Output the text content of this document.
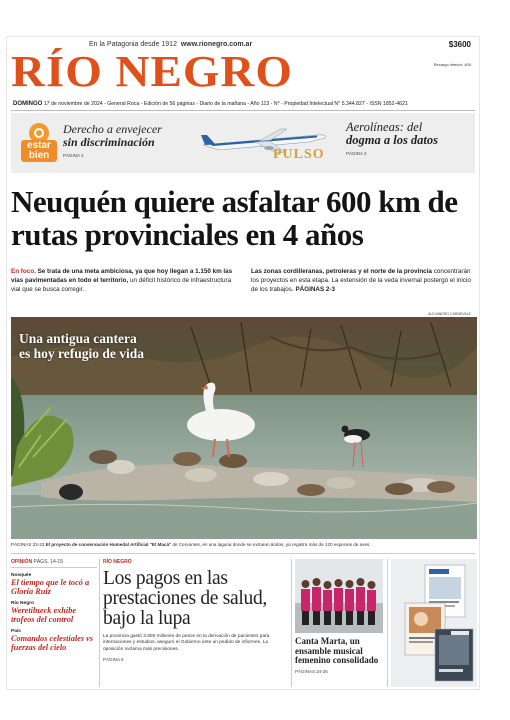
En la Patagonia desde 1912 www.rionegro.com.ar	$3600
Recargo interior: 400
RÍO NEGRO
DOMINGO 17 de noviembre de 2024 - General Roca - Edición de 56 páginas - Diario de la mañana - Año 113 - N° - Propiedad Intelectual N° 5.344.827 - ISSN 1852-4621
estar bien
Derecho a envejecer
sin discriminación
PÁGINA 2	PULSO
Aerolíneas: del
dogma a los datos
PÁGINA 2
Neuquén quiere asfaltar 600 km de rutas provinciales en 4 años

En foco. Se trata de una meta ambiciosa, ya que hoy llegan a 1.150 km las vías pavimentadas en todo el territorio, un déficit histórico de infraestructura vial que se busca corregir.

Las zonas cordilleranas, petroleras y el norte de la provincia concentrarán los proyectos en esta etapa. La extensión de la veda invernal postergó el inicio de los trabajos. PÁGINAS 2-3

ALEJANDRO CARNEVALE
Una antigua cantera
es hoy refugio de vida
PÁGINAS 22-23 El proyecto de conservación Humedal Artificial "El Macá" de Cervantes, en una laguna donde se extraían áridos, ya registra más de 120 especies de aves.
OPINIÓN PÁGS. 14-15
Nosquée
El tiempo que le tocó a Gloria Ruiz
Río Negro
Weretilneck exhibe trofeos del control
País
Comandos celestiales vs fuerzas del cielo
RÍO NEGRO
Los pagos en las prestaciones de salud, bajo la lupa
La provincia gastó 3.900 millones de pesos en la derivación de pacientes para internaciones y estudios, aseguró el Gobierno ante un pedido de informes. La oposición reclama más precisiones.
PÁGINA 6
Canta Marta, un ensamble musical femenino consolidado
PÁGINAS 24-26
